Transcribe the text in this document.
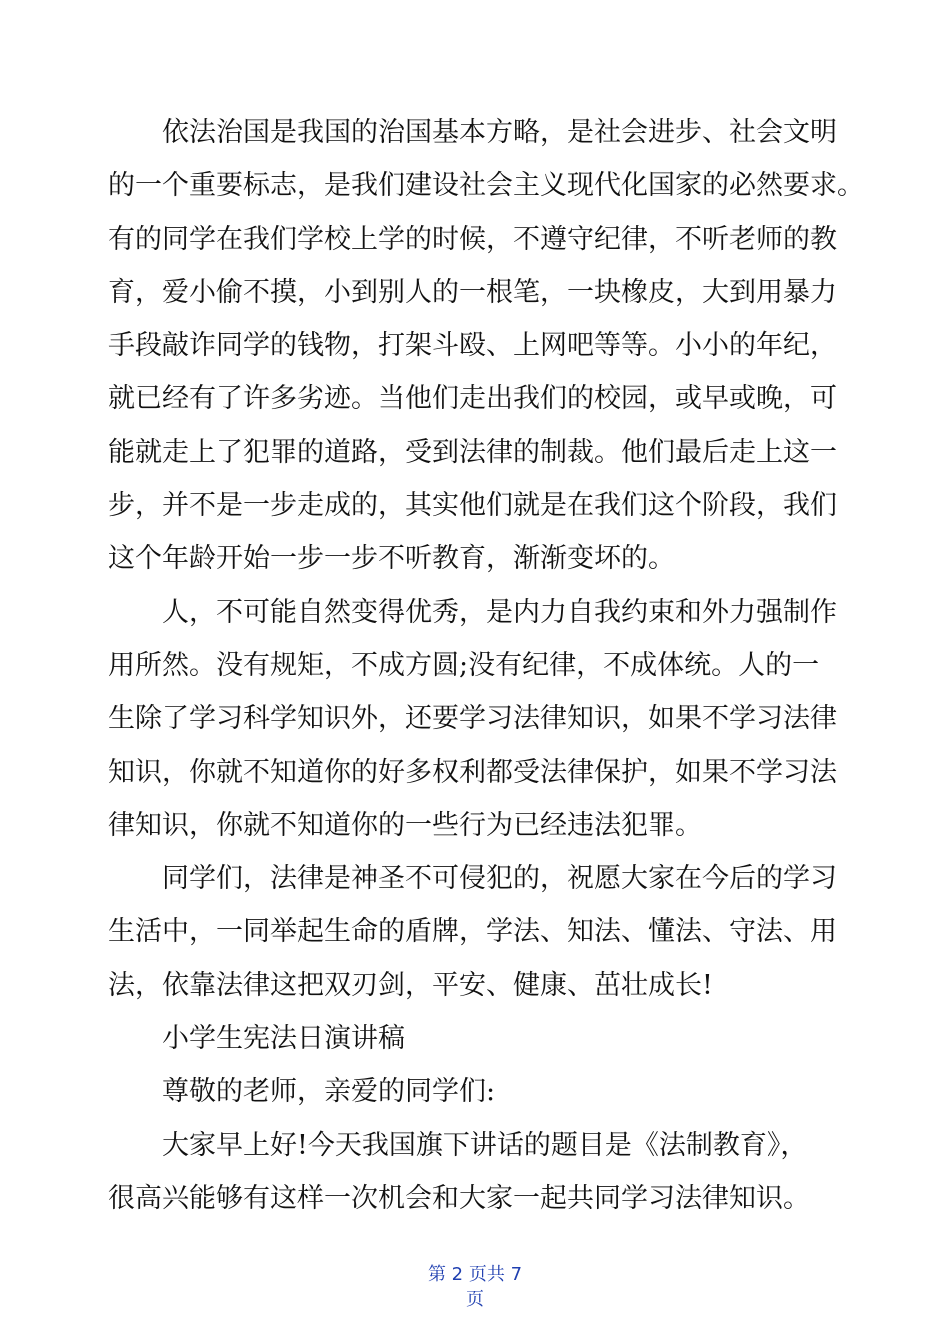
依法治国是我国的治国基本方略，是社会进步、社会文明
的一个重要标志，是我们建设社会主义现代化国家的必然要求。
有的同学在我们学校上学的时候，不遵守纪律，不听老师的教
育，爱小偷不摸，小到别人的一根笔，一块橡皮，大到用暴力
手段敲诈同学的钱物，打架斗殴、上网吧等等。小小的年纪，
就已经有了许多劣迹。当他们走出我们的校园，或早或晚，可
能就走上了犯罪的道路，受到法律的制裁。他们最后走上这一
步，并不是一步走成的，其实他们就是在我们这个阶段，我们
这个年龄开始一步一步不听教育，渐渐变坏的。
人，不可能自然变得优秀，是内力自我约束和外力强制作
用所然。没有规矩，不成方圆;没有纪律，不成体统。人的一
生除了学习科学知识外，还要学习法律知识，如果不学习法律
知识，你就不知道你的好多权利都受法律保护，如果不学习法
律知识，你就不知道你的一些行为已经违法犯罪。
同学们，法律是神圣不可侵犯的，祝愿大家在今后的学习
生活中，一同举起生命的盾牌，学法、知法、懂法、守法、用
法，依靠法律这把双刃剑，平安、健康、茁壮成长!
小学生宪法日演讲稿
尊敬的老师，亲爱的同学们:
大家早上好!今天我国旗下讲话的题目是《法制教育》，
很高兴能够有这样一次机会和大家一起共同学习法律知识。
第 2 页共 7
页
